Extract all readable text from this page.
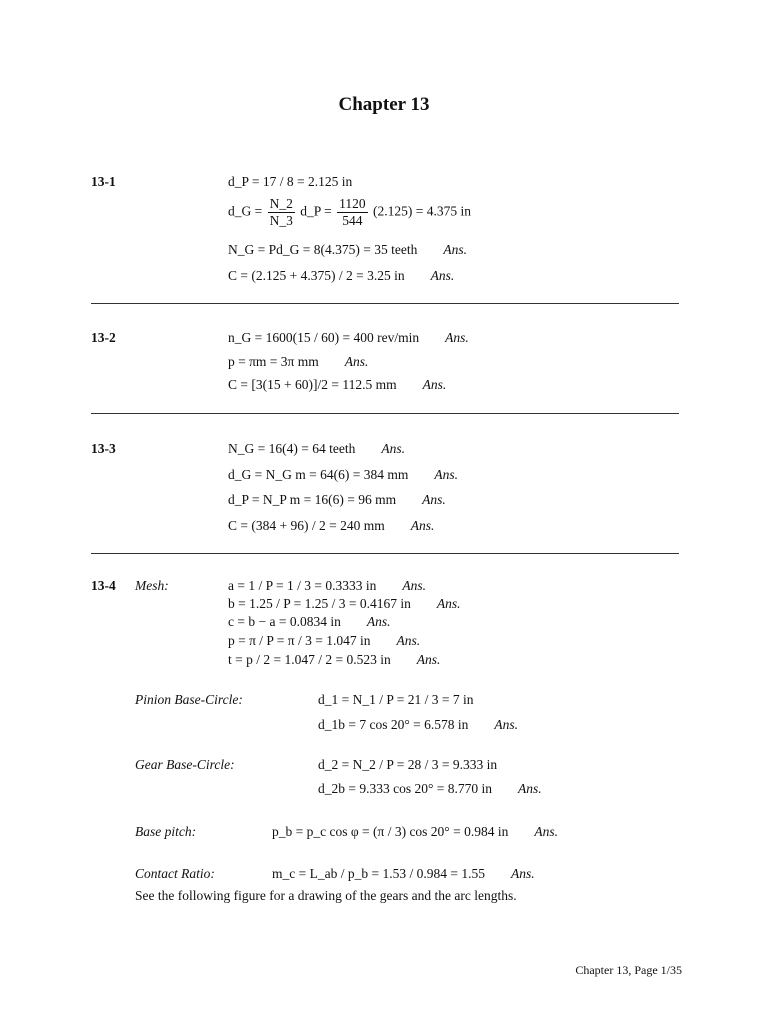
Chapter 13
13-1	d_P = 17 / 8 = 2.125 in
d_G = $\frac{N\_2}{N\_3}$ d_P = $\frac{1120}{544} (2.125) = 4.375$ in
N_G = Pd_G = 8(4.375) = 35 teeth Ans.
C = (2.125 + 4.375) / 2 = 3.25 in Ans.
13-2	n_G = 1600(15 / 60) = 400 rev/min Ans.
p = πm = 3π mm Ans.
C = [3(15 + 60)]/2 = 112.5 mm Ans.
13-3	N_G = 16(4) = 64 teeth Ans.
d_G = N_G m = 64(6) = 384 mm Ans.
d_P = N_P m = 16(6) = 96 mm Ans.
C = (384 + 96) / 2 = 240 mm Ans.
13-4 Mesh:	a = 1 / P = 1 / 3 = 0.3333 in Ans.
b = 1.25 / P = 1.25 / 3 = 0.4167 in Ans.
c = b − a = 0.0834 in Ans.
p = π / P = π / 3 = 1.047 in Ans.
t = p / 2 = 1.047 / 2 = 0.523 in Ans.
Pinion Base-Circle:	d_1 = N_1 / P = 21 / 3 = 7 in
d_1b = 7 cos 20° = 6.578 in Ans.
Gear Base-Circle:	d_2 = N_2 / P = 28 / 3 = 9.333 in
d_2b = 9.333 cos 20° = 8.770 in Ans.
Base pitch:	p_b = p_c cos φ = (π / 3) cos 20° = 0.984 in Ans.
Contact Ratio:	m_c = L_ab / p_b = 1.53 / 0.984 = 1.55 Ans.
See the following figure for a drawing of the gears and the arc lengths.
Chapter 13, Page 1/35
